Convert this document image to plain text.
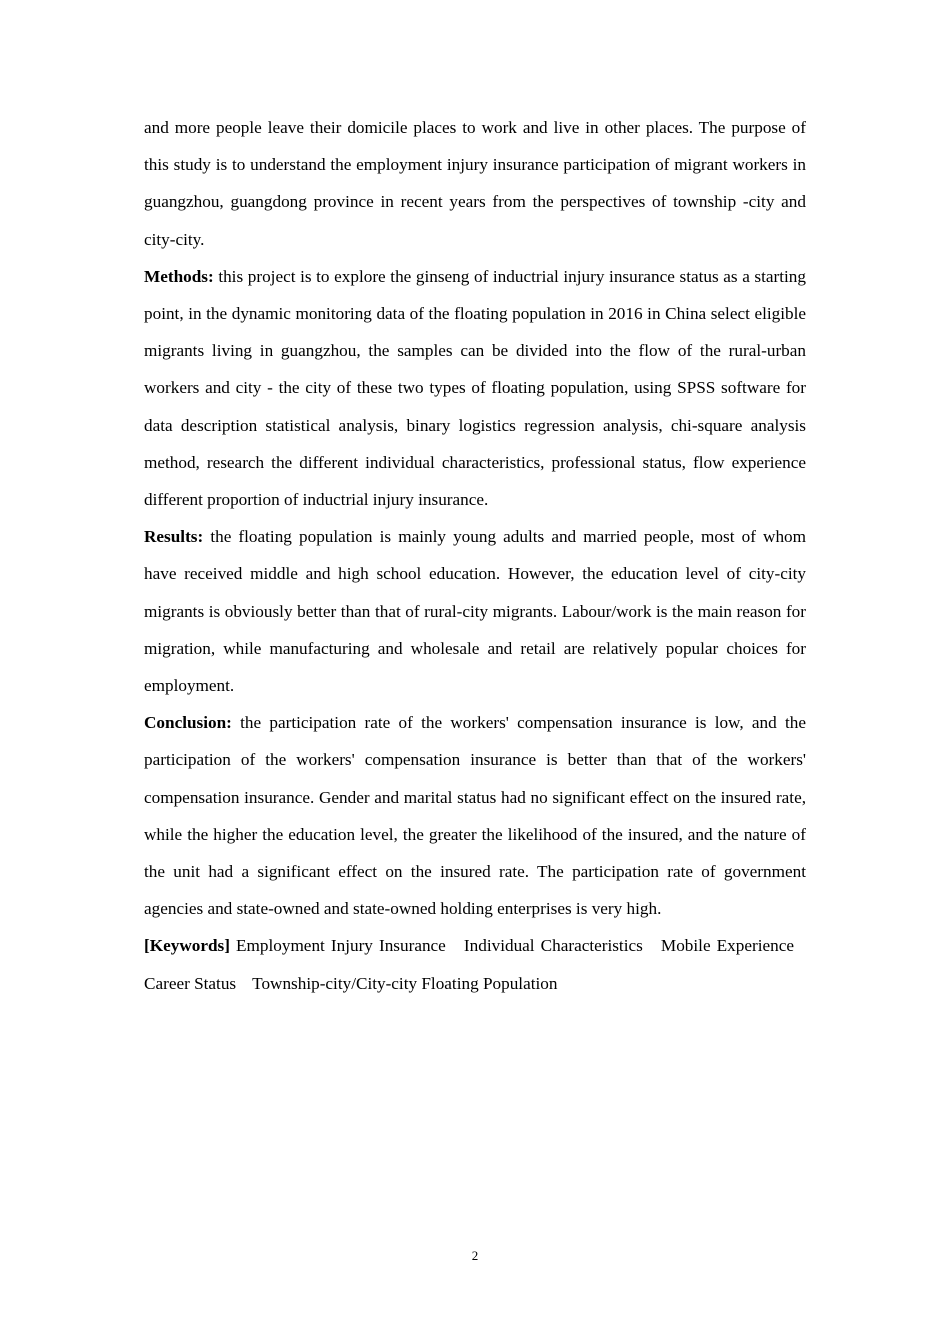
and more people leave their domicile places to work and live in other places. The purpose of this study is to understand the employment injury insurance participation of migrant workers in guangzhou, guangdong province in recent years from the perspectives of township -city and city-city.

Methods: this project is to explore the ginseng of inductrial injury insurance status as a starting point, in the dynamic monitoring data of the floating population in 2016 in China select eligible migrants living in guangzhou, the samples can be divided into the flow of the rural-urban workers and city - the city of these two types of floating population, using SPSS software for data description statistical analysis, binary logistics regression analysis, chi-square analysis method, research the different individual characteristics, professional status, flow experience different proportion of inductrial injury insurance.

Results: the floating population is mainly young adults and married people, most of whom have received middle and high school education. However, the education level of city-city migrants is obviously better than that of rural-city migrants. Labour/work is the main reason for migration, while manufacturing and wholesale and retail are relatively popular choices for employment.

Conclusion: the participation rate of the workers' compensation insurance is low, and the participation of the workers' compensation insurance is better than that of the workers' compensation insurance. Gender and marital status had no significant effect on the insured rate, while the higher the education level, the greater the likelihood of the insured, and the nature of the unit had a significant effect on the insured rate. The participation rate of government agencies and state-owned and state-owned holding enterprises is very high.

[Keywords] Employment Injury Insurance Individual Characteristics Mobile Experience Career Status Township-city/City-city Floating Population

2
